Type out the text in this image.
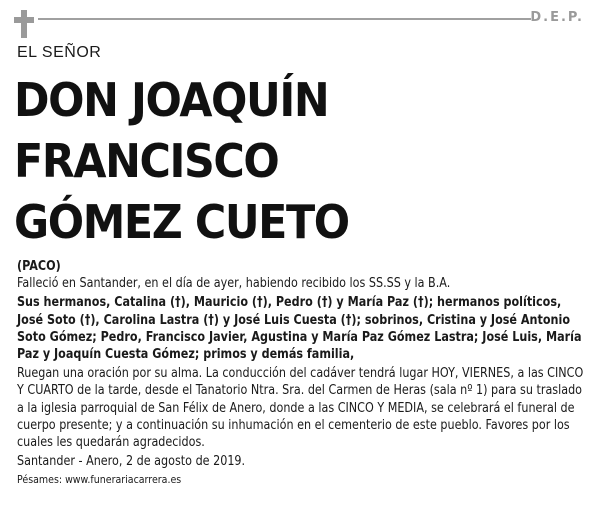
D.E.P.
EL SEÑOR
DON JOAQUÍN
FRANCISCO
GÓMEZ CUETO

(PACO)

Falleció en Santander, en el día de ayer, habiendo recibido los SS.SS y la B.A.

Sus hermanos, Catalina (†), Mauricio (†), Pedro (†) y María Paz (†); hermanos políticos, José Soto (†), Carolina Lastra (†) y José Luis Cuesta (†); sobrinos, Cristina y José Antonio Soto Gómez; Pedro, Francisco Javier, Agustina y María Paz Gómez Lastra; José Luis, María Paz y Joaquín Cuesta Gómez; primos y demás familia,

Ruegan una oración por su alma. La conducción del cadáver tendrá lugar HOY, VIERNES, a las CINCO Y CUARTO de la tarde, desde el Tanatorio Ntra. Sra. del Carmen de Heras (sala nº 1) para su traslado a la iglesia parroquial de San Félix de Anero, donde a las CINCO Y MEDIA, se celebrará el funeral de cuerpo presente; y a continuación su inhumación en el cementerio de este pueblo. Favores por los cuales les quedarán agradecidos.

Santander - Anero, 2 de agosto de 2019.

Pésames: www.funerariacarrera.es
